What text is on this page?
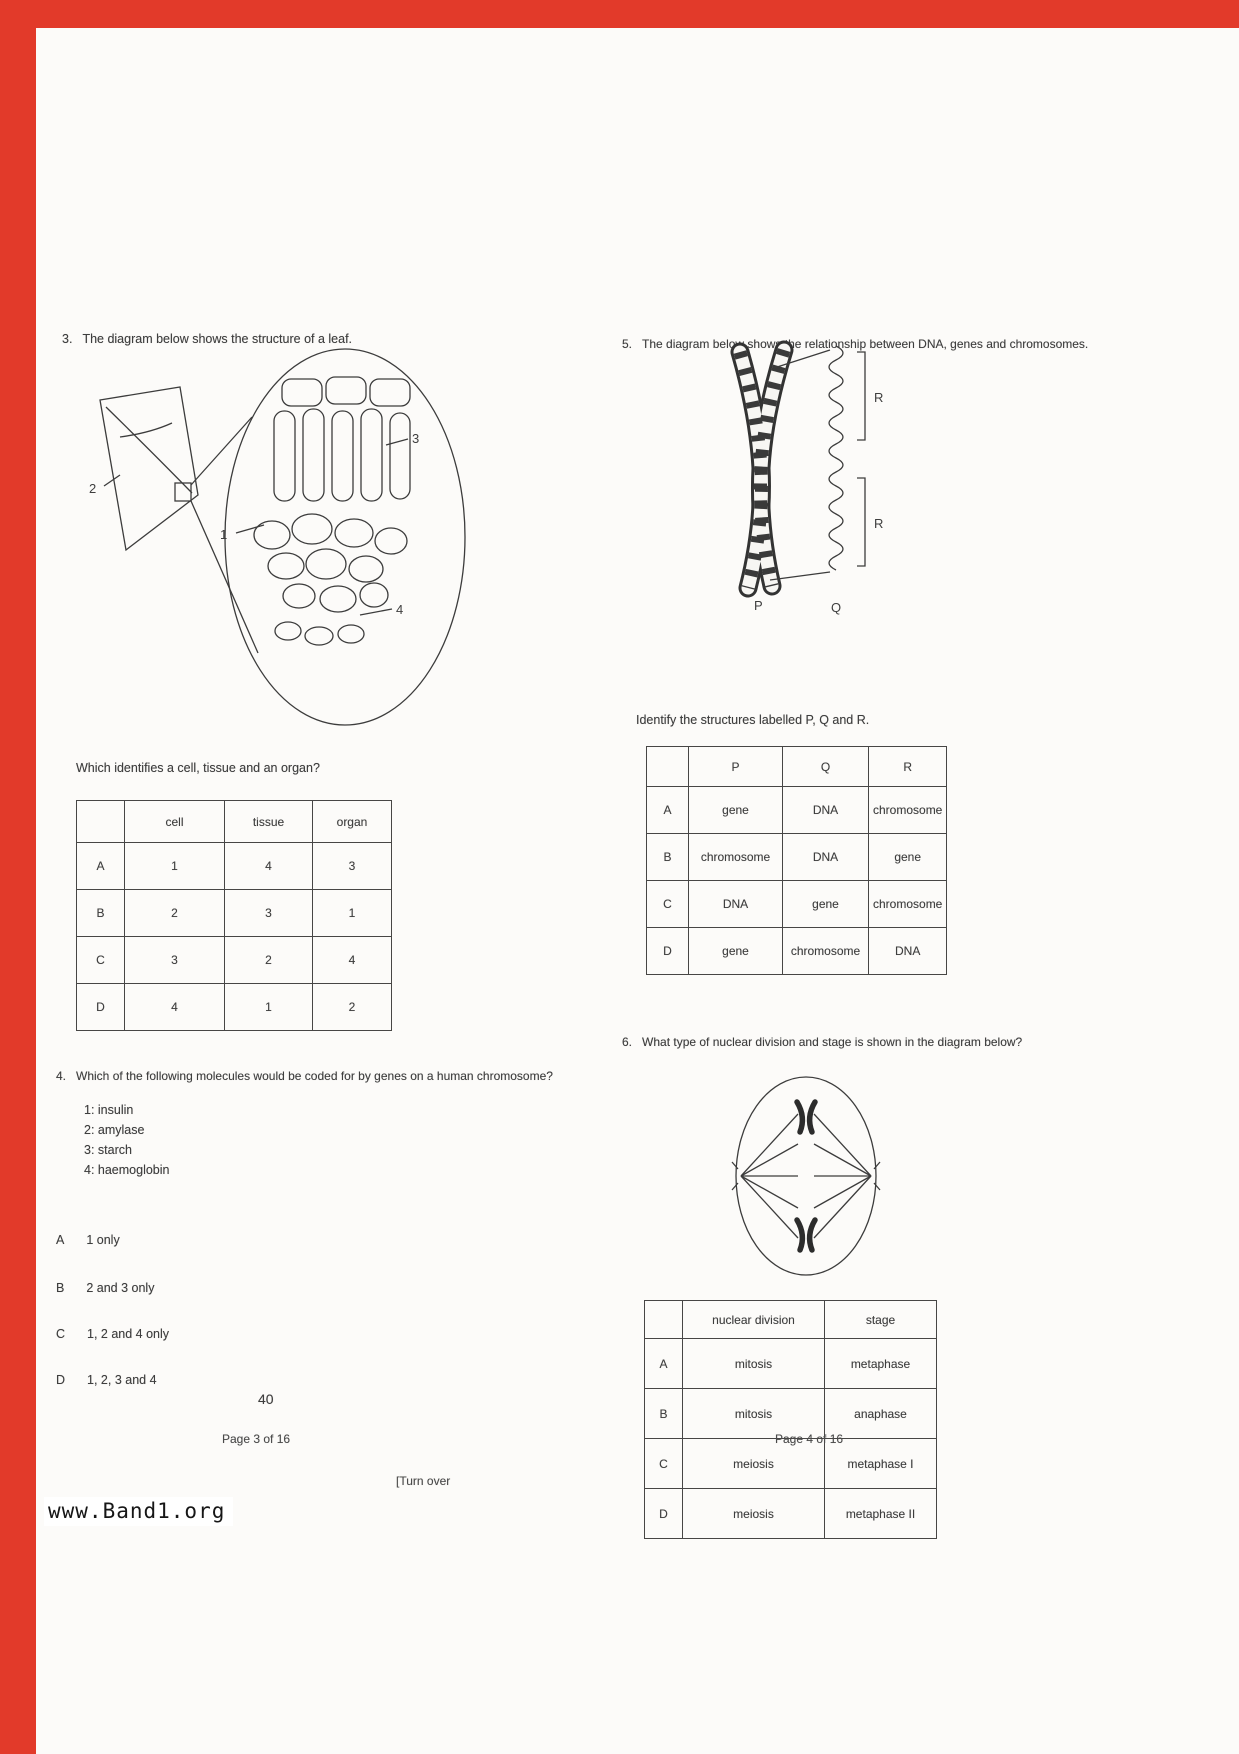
3. The diagram below shows the structure of a leaf.
1
2
3
4
Which identifies a cell, tissue and an organ?
	cell	tissue	organ
A	1	4	3
B	2	3	1
C	3	2	4
D	4	1	2
4. Which of the following molecules would be coded for by genes on a human chromosome?
1: insulin
2: amylase
3: starch
4: haemoglobin
A 1 only
B 2 and 3 only
C 1, 2 and 4 only
D 1, 2, 3 and 4
40
Page 3 of 16
[Turn over
5. The diagram below shows the relationship between DNA, genes and chromosomes.
R
R
P	Q
Identify the structures labelled P, Q and R.
	P	Q	R
A	gene	DNA	chromosome
B	chromosome	DNA	gene
C	DNA	gene	chromosome
D	gene	chromosome	DNA
6. What type of nuclear division and stage is shown in the diagram below?
	nuclear division	stage
A	mitosis	metaphase
B	mitosis	anaphase
C	meiosis	metaphase I
D	meiosis	metaphase II
Page 4 of 16
www.Band1.org
